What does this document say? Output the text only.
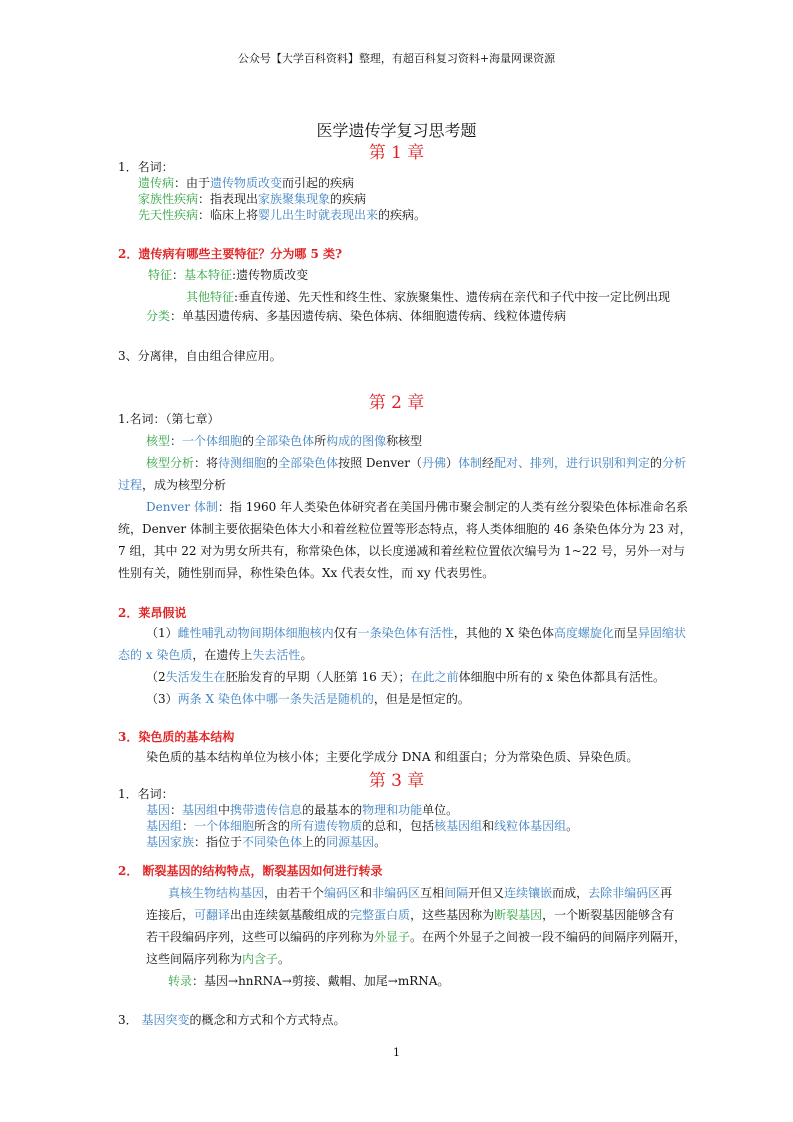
公众号【大学百科资料】整理，有超百科复习资料+海量网课资源
医学遗传学复习思考题
第 1 章
1．名词：
遗传病：由于遗传物质改变而引起的疾病
家族性疾病：指表现出家族聚集现象的疾病
先天性疾病：临床上将婴儿出生时就表现出来的疾病。
2．遗传病有哪些主要特征？分为哪 5 类?
特征：基本特征:遗传物质改变
其他特征:垂直传递、先天性和终生性、家族聚集性、遗传病在亲代和子代中按一定比例出现
分类：单基因遗传病、多基因遗传病、染色体病、体细胞遗传病、线粒体遗传病
3、分离律，自由组合律应用。
第 2 章
1.名词：（第七章）
核型：一个体细胞的全部染色体所构成的图像称核型
核型分析：将待测细胞的全部染色体按照 Denver（丹佛）体制经配对、排列，进行识别和判定的分析
过程，成为核型分析
Denver 体制：指 1960 年人类染色体研究者在美国丹佛市聚会制定的人类有丝分裂染色体标准命名系
统，Denver 体制主要依据染色体大小和着丝粒位置等形态特点，将人类体细胞的 46 条染色体分为 23 对，
7 组，其中 22 对为男女所共有，称常染色体，以长度递减和着丝粒位置依次编号为 1~22 号，另外一对与
性别有关，随性别而异，称性染色体。Xx 代表女性，而 xy 代表男性。
2．莱昂假说
（1）雌性哺乳动物间期体细胞核内仅有一条染色体有活性，其他的 X 染色体高度螺旋化而呈异固缩状
态的 x 染色质，在遗传上失去活性。
（2失活发生在胚胎发育的早期（人胚第 16 天）；在此之前体细胞中所有的 x 染色体都具有活性。
（3）两条 X 染色体中哪一条失活是随机的，但是是恒定的。
3．染色质的基本结构
染色质的基本结构单位为核小体；主要化学成分 DNA 和组蛋白；分为常染色质、异染色质。
第 3 章
1．名词：
基因：基因组中携带遗传信息的最基本的物理和功能单位。
基因组：一个体细胞所含的所有遗传物质的总和，包括核基因组和线粒体基因组。
基因家族：指位于不同染色体上的同源基因。
2． 断裂基因的结构特点，断裂基因如何进行转录
真核生物结构基因，由若干个编码区和非编码区互相间隔开但又连续镶嵌而成，去除非编码区再
连接后，可翻译出由连续氨基酸组成的完整蛋白质，这些基因称为断裂基因，一个断裂基因能够含有
若干段编码序列，这些可以编码的序列称为外显子。在两个外显子之间被一段不编码的间隔序列隔开，
这些间隔序列称为内含子。
转录：基因→hnRNA→剪接、戴帽、加尾→mRNA。
3． 基因突变的概念和方式和个方式特点。
1
